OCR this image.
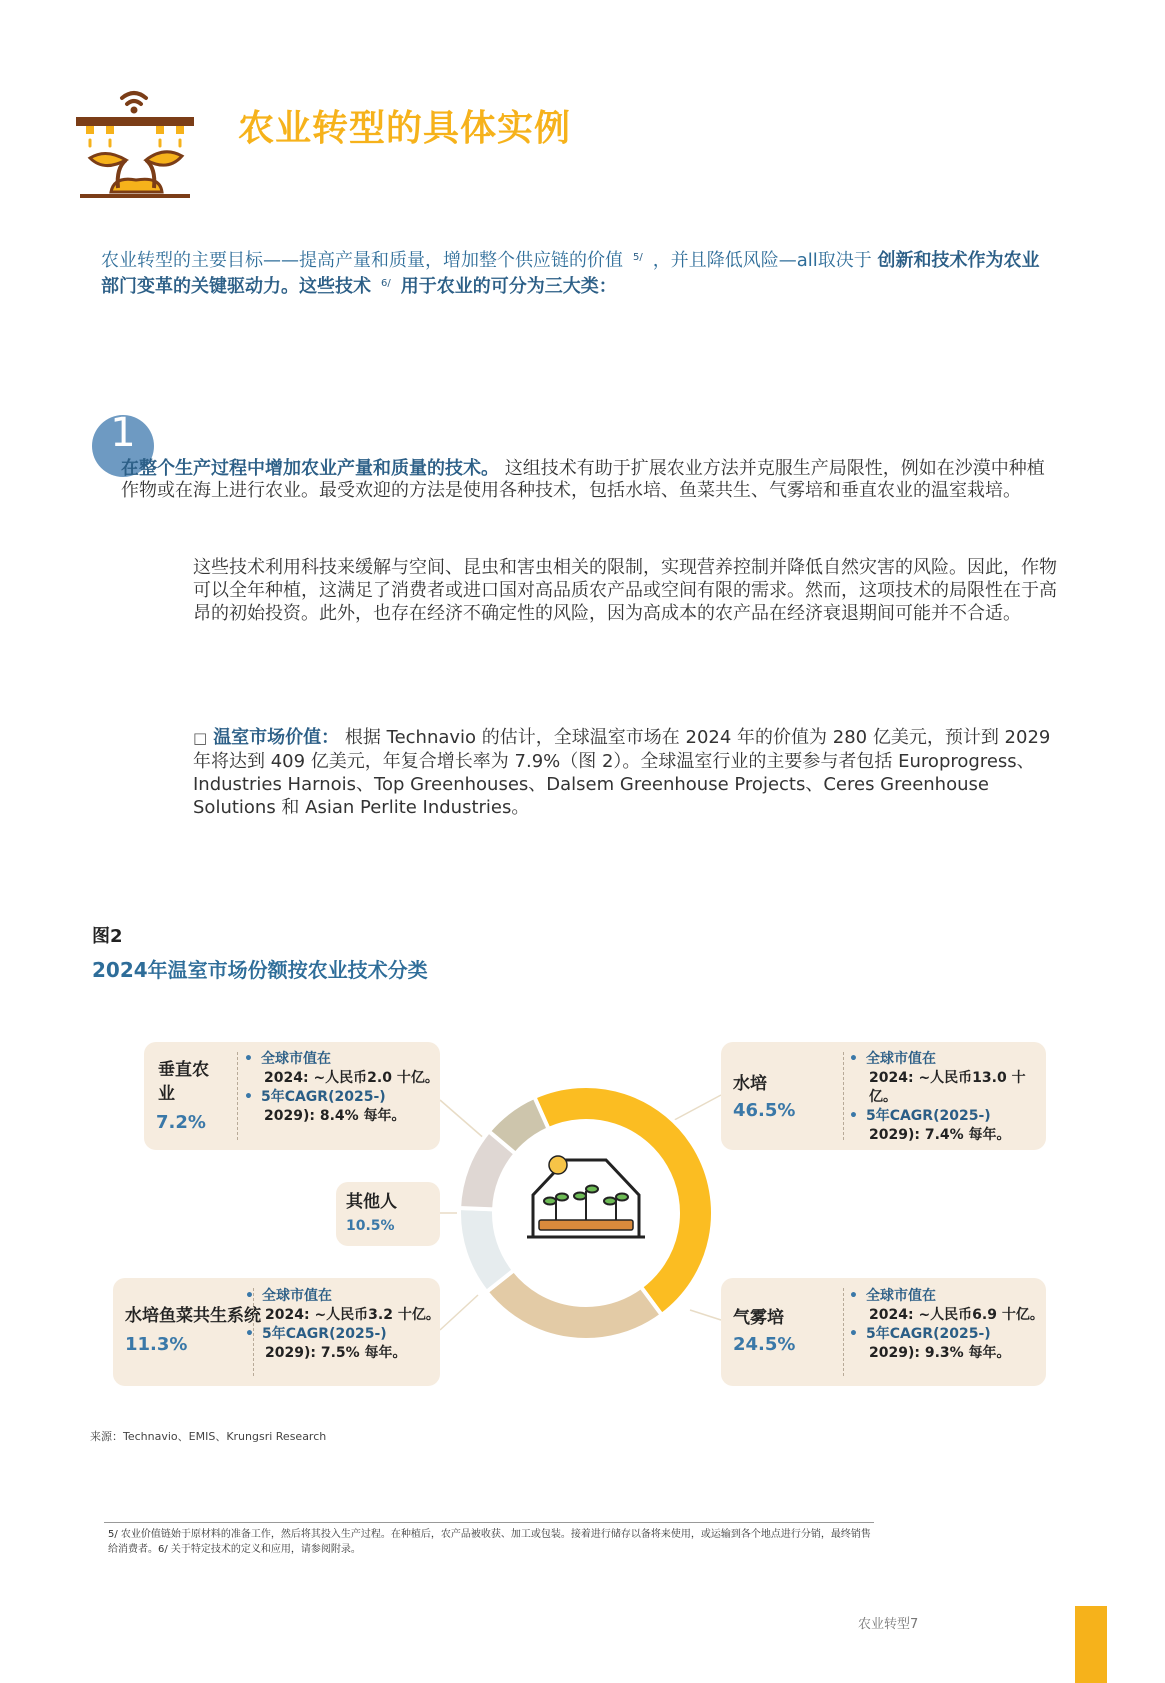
农业转型的具体实例
农业转型的主要目标——提高产量和质量，增加整个供应链的价值 $^{5/}$ ，并且降低风险—all取决于 创新和技术作为农业部门变革的关键驱动力。这些技术 $^{6/}$ 用于农业的可分为三大类：
1
在整个生产过程中增加农业产量和质量的技术。 这组技术有助于扩展农业方法并克服生产局限性，例如在沙漠中种植作物或在海上进行农业。最受欢迎的方法是使用各种技术，包括水培、鱼菜共生、气雾培和垂直农业的温室栽培。
这些技术利用科技来缓解与空间、昆虫和害虫相关的限制，实现营养控制并降低自然灾害的风险。因此，作物可以全年种植，这满足了消费者或进口国对高品质农产品或空间有限的需求。然而，这项技术的局限性在于高昂的初始投资。此外，也存在经济不确定性的风险，因为高成本的农产品在经济衰退期间可能并不合适。
□ 温室市场价值： 根据 Technavio 的估计，全球温室市场在 2024 年的价值为 280 亿美元，预计到 2029 年将达到 409 亿美元，年复合增长率为 7.9%（图 2）。全球温室行业的主要参与者包括 Europrogress、Industries Harnois、Top Greenhouses、Dalsem Greenhouse Projects、Ceres Greenhouse Solutions 和 Asian Perlite Industries。
图2
2024年温室市场份额按农业技术分类
垂直农业
7.2%
• 全球市值在
2024: ~人民币2.0 十亿。
• 5年CAGR(2025-)
2029): 8.4% 每年。
其他人
10.5%
水培鱼菜共生系统
11.3%
• 全球市值在
2024: ~人民币3.2 十亿。
• 5年CAGR(2025-)
2029): 7.5% 每年。
水培
46.5%
• 全球市值在
2024: ~人民币13.0 十亿。
• 5年CAGR(2025-)
2029): 7.4% 每年。
气雾培
24.5%
• 全球市值在
2024: ~人民币6.9 十亿。
• 5年CAGR(2025-)
2029): 9.3% 每年。
来源：Technavio、EMIS、Krungsri Research
5/ 农业价值链始于原材料的准备工作，然后将其投入生产过程。在种植后，农产品被收获、加工或包装。接着进行储存以备将来使用，或运输到各个地点进行分销，最终销售给消费者。6/ 关于特定技术的定义和应用，请参阅附录。
农业转型7
